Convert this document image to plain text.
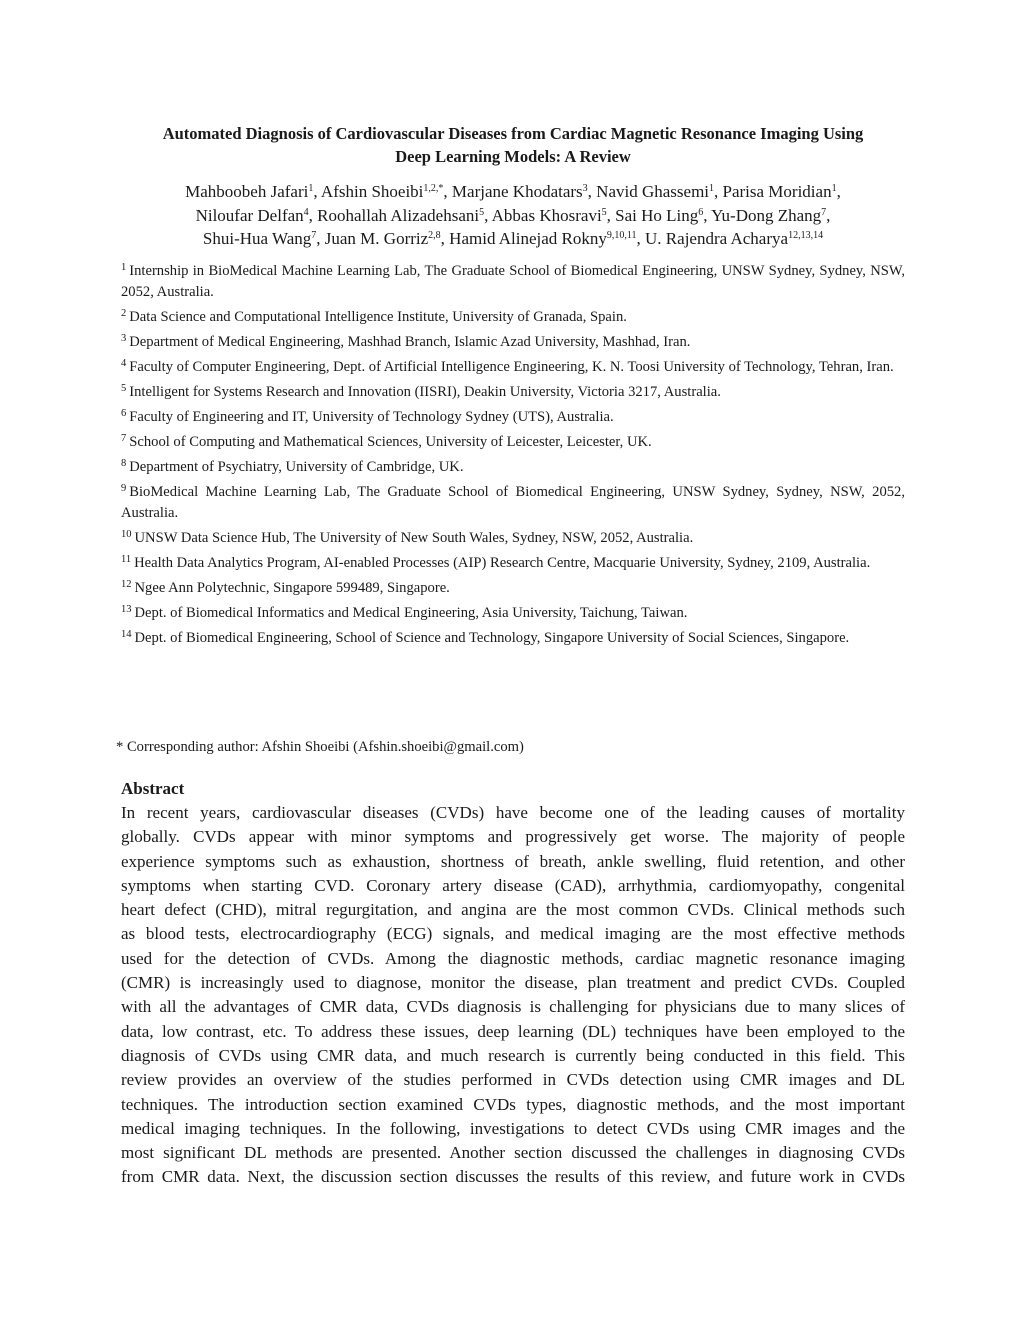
Automated Diagnosis of Cardiovascular Diseases from Cardiac Magnetic Resonance Imaging Using
Deep Learning Models: A Review
Mahboobeh Jafari$^1$, Afshin Shoeibi$^{1,2,*}$, Marjane Khodatars$^3$, Navid Ghassemi$^1$, Parisa Moridian$^1$,
Niloufar Delfan$^4$, Roohallah Alizadehsani$^5$, Abbas Khosravi$^5$, Sai Ho Ling$^6$, Yu-Dong Zhang$^7$,
Shui-Hua Wang$^7$, Juan M. Gorriz$^{2,8}$, Hamid Alinejad Rokny$^{9,10,11}$, U. Rajendra Acharya$^{12,13,14}$

$^1$ Internship in BioMedical Machine Learning Lab, The Graduate School of Biomedical Engineering, UNSW Sydney, Sydney, NSW, 2052, Australia.

$^2$ Data Science and Computational Intelligence Institute, University of Granada, Spain.

$^3$ Department of Medical Engineering, Mashhad Branch, Islamic Azad University, Mashhad, Iran.

$^4$ Faculty of Computer Engineering, Dept. of Artificial Intelligence Engineering, K. N. Toosi University of Technology, Tehran, Iran.

$^5$ Intelligent for Systems Research and Innovation (IISRI), Deakin University, Victoria 3217, Australia.

$^6$ Faculty of Engineering and IT, University of Technology Sydney (UTS), Australia.

$^7$ School of Computing and Mathematical Sciences, University of Leicester, Leicester, UK.

$^8$ Department of Psychiatry, University of Cambridge, UK.

$^9$ BioMedical Machine Learning Lab, The Graduate School of Biomedical Engineering, UNSW Sydney, Sydney, NSW, 2052, Australia.

$^{10}$ UNSW Data Science Hub, The University of New South Wales, Sydney, NSW, 2052, Australia.

$^{11}$ Health Data Analytics Program, AI-enabled Processes (AIP) Research Centre, Macquarie University, Sydney, 2109, Australia.

$^{12}$ Ngee Ann Polytechnic, Singapore 599489, Singapore.

$^{13}$ Dept. of Biomedical Informatics and Medical Engineering, Asia University, Taichung, Taiwan.

$^{14}$ Dept. of Biomedical Engineering, School of Science and Technology, Singapore University of Social Sciences, Singapore.

* Corresponding author: Afshin Shoeibi (Afshin.shoeibi@gmail.com)
Abstract
In recent years, cardiovascular diseases (CVDs) have become one of the leading causes of mortality
globally. CVDs appear with minor symptoms and progressively get worse. The majority of people
experience symptoms such as exhaustion, shortness of breath, ankle swelling, fluid retention, and other
symptoms when starting CVD. Coronary artery disease (CAD), arrhythmia, cardiomyopathy, congenital
heart defect (CHD), mitral regurgitation, and angina are the most common CVDs. Clinical methods such
as blood tests, electrocardiography (ECG) signals, and medical imaging are the most effective methods
used for the detection of CVDs. Among the diagnostic methods, cardiac magnetic resonance imaging
(CMR) is increasingly used to diagnose, monitor the disease, plan treatment and predict CVDs. Coupled
with all the advantages of CMR data, CVDs diagnosis is challenging for physicians due to many slices of
data, low contrast, etc. To address these issues, deep learning (DL) techniques have been employed to the
diagnosis of CVDs using CMR data, and much research is currently being conducted in this field. This
review provides an overview of the studies performed in CVDs detection using CMR images and DL
techniques. The introduction section examined CVDs types, diagnostic methods, and the most important
medical imaging techniques. In the following, investigations to detect CVDs using CMR images and the
most significant DL methods are presented. Another section discussed the challenges in diagnosing CVDs
from CMR data. Next, the discussion section discusses the results of this review, and future work in CVDs
